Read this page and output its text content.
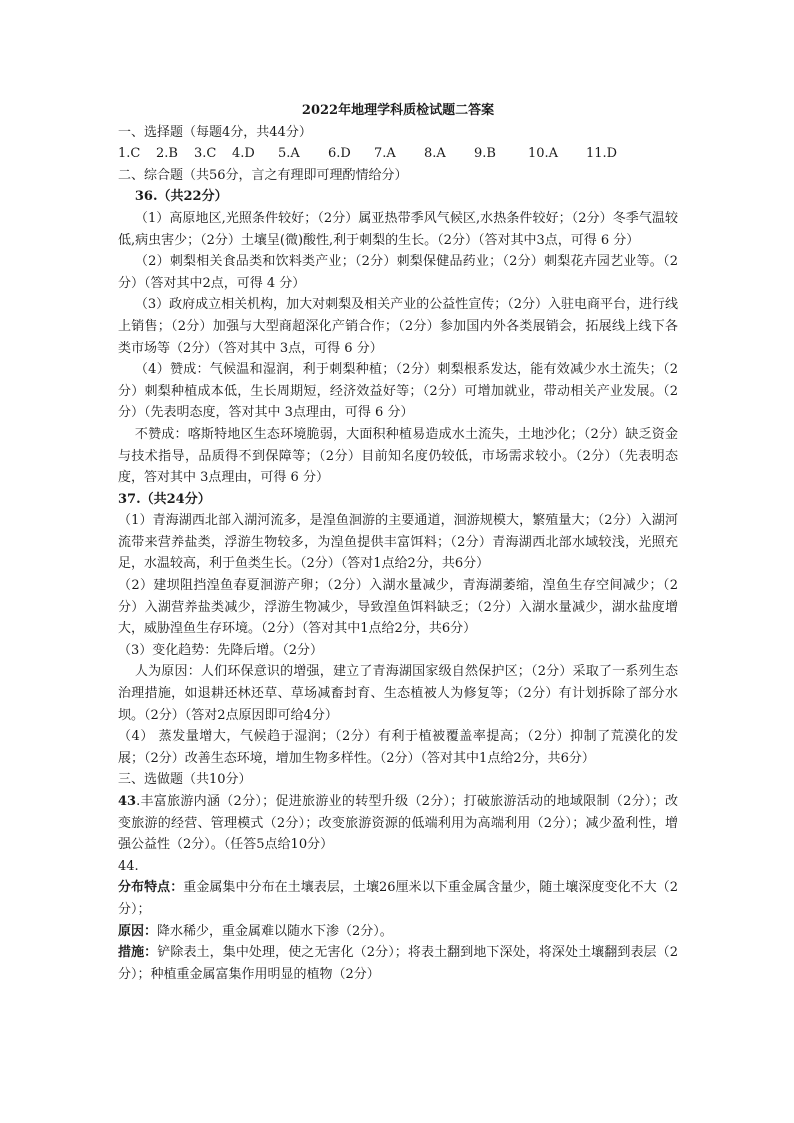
2022年地理学科质检试题二答案

一、选择题（每题4分，共44分）

1.C	2.B	3.C	4.D	5.A	6.D	7.A	8.A	9.B	10.A	11.D

二、综合题（共56分，言之有理即可理酌情给分）

36.（共22分）

（1）高原地区,光照条件较好；（2分）属亚热带季风气候区,水热条件较好；（2分）冬季气温较低,病虫害少；（2分）土壤呈(微)酸性,利于刺梨的生长。（2分）（答对其中3点，可得 6 分）

（2）刺梨相关食品类和饮料类产业；（2分）刺梨保健品药业；（2分）刺梨花卉园艺业等。（2分）（答对其中2点，可得 4 分）

（3）政府成立相关机构，加大对刺梨及相关产业的公益性宣传；（2分）入驻电商平台，进行线上销售；（2分）加强与大型商超深化产销合作；（2分）参加国内外各类展销会，拓展线上线下各类市场等（2分）（答对其中 3点，可得 6 分）

（4）赞成：气候温和湿润，利于刺梨种植；（2分）刺梨根系发达，能有效减少水土流失；（2分）刺梨种植成本低，生长周期短，经济效益好等；（2分）可增加就业，带动相关产业发展。（2分）（先表明态度，答对其中 3点理由，可得 6 分）

不赞成：喀斯特地区生态环境脆弱，大面积种植易造成水土流失，土地沙化；（2分）缺乏资金与技术指导，品质得不到保障等；（2分）目前知名度仍较低，市场需求较小。（2分）（先表明态度，答对其中 3点理由，可得 6 分）

37.（共24分）

（1）青海湖西北部入湖河流多，是湟鱼洄游的主要通道，洄游规模大，繁殖量大；（2分）入湖河流带来营养盐类，浮游生物较多，为湟鱼提供丰富饵料；（2分）青海湖西北部水域较浅，光照充足，水温较高，利于鱼类生长。（2分）（答对1点给2分，共6分）

（2）建坝阻挡湟鱼春夏洄游产卵；（2分）入湖水量减少，青海湖萎缩，湟鱼生存空间减少；（2分）入湖营养盐类减少，浮游生物减少，导致湟鱼饵料缺乏；（2分）入湖水量减少，湖水盐度增大，威胁湟鱼生存环境。（2分）（答对其中1点给2分，共6分）

（3）变化趋势：先降后增。（2分）

人为原因：人们环保意识的增强，建立了青海湖国家级自然保护区；（2分）采取了一系列生态治理措施，如退耕还林还草、草场减畜封育、生态植被人为修复等；（2分）有计划拆除了部分水坝。（2分）（答对2点原因即可给4分）

（4） 蒸发量增大，气候趋于湿润；（2分）有利于植被覆盖率提高；（2分）抑制了荒漠化的发展；（2分）改善生态环境，增加生物多样性。（2分）（答对其中1点给2分，共6分）

三、选做题（共10分）

43.丰富旅游内涵（2分）；促进旅游业的转型升级（2分）；打破旅游活动的地域限制（2分）；改变旅游的经营、管理模式（2分）；改变旅游资源的低端利用为高端利用（2分）；减少盈利性，增强公益性（2分）。（任答5点给10分）

44.

分布特点：重金属集中分布在土壤表层，土壤26厘米以下重金属含量少，随土壤深度变化不大（2分）；

原因：降水稀少，重金属难以随水下渗（2分）。

措施：铲除表土，集中处理，使之无害化（2分）；将表土翻到地下深处，将深处土壤翻到表层（2分）；种植重金属富集作用明显的植物（2分）
